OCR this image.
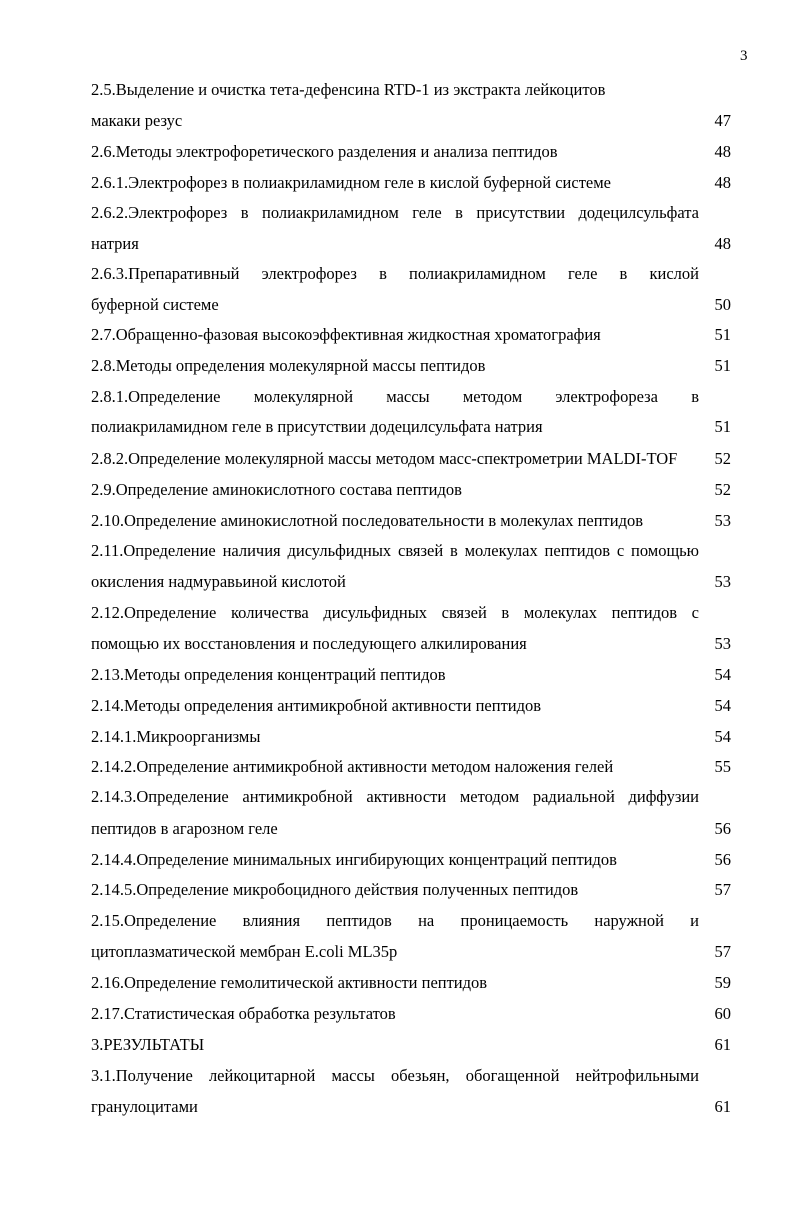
3
2.5.Выделение и очистка тета-дефенсина RTD-1 из экстракта лейкоцитов
макаки резус	47
2.6.Методы электрофоретического разделения и анализа пептидов	48
2.6.1.Электрофорез в полиакриламидном геле в кислой буферной системе	48
2.6.2.Электрофорез в полиакриламидном геле в присутствии додецилсульфата
натрия	48
2.6.3.Препаративный электрофорез в полиакриламидном геле в кислой
буферной системе	50
2.7.Обращенно-фазовая высокоэффективная жидкостная хроматография	51
2.8.Методы определения молекулярной массы пептидов	51
2.8.1.Определение молекулярной массы методом электрофореза в
полиакриламидном геле в присутствии додецилсульфата натрия	51
2.8.2.Определение молекулярной массы методом масс-спектрометрии MALDI-TOF	52
2.9.Определение аминокислотного состава пептидов	52
2.10.Определение аминокислотной последовательности в молекулах пептидов	53
2.11.Определение наличия дисульфидных связей в молекулах пептидов с помощью
окисления надмуравьиной кислотой	53
2.12.Определение количества дисульфидных связей в молекулах пептидов с
помощью их восстановления и последующего алкилирования	53
2.13.Методы определения концентраций пептидов	54
2.14.Методы определения антимикробной активности пептидов	54
2.14.1.Микроорганизмы	54
2.14.2.Определение антимикробной активности методом наложения гелей	55
2.14.3.Определение антимикробной активности методом радиальной диффузии
пептидов в агарозном геле	56
2.14.4.Определение минимальных ингибирующих концентраций пептидов	56
2.14.5.Определение микробоцидного действия полученных пептидов	57
2.15.Определение влияния пептидов на проницаемость наружной и
цитоплазматической мембран E.coli ML35p	57
2.16.Определение гемолитической активности пептидов	59
2.17.Статистическая обработка результатов	60
3.РЕЗУЛЬТАТЫ	61
3.1.Получение лейкоцитарной массы обезьян, обогащенной нейтрофильными
гранулоцитами	61
